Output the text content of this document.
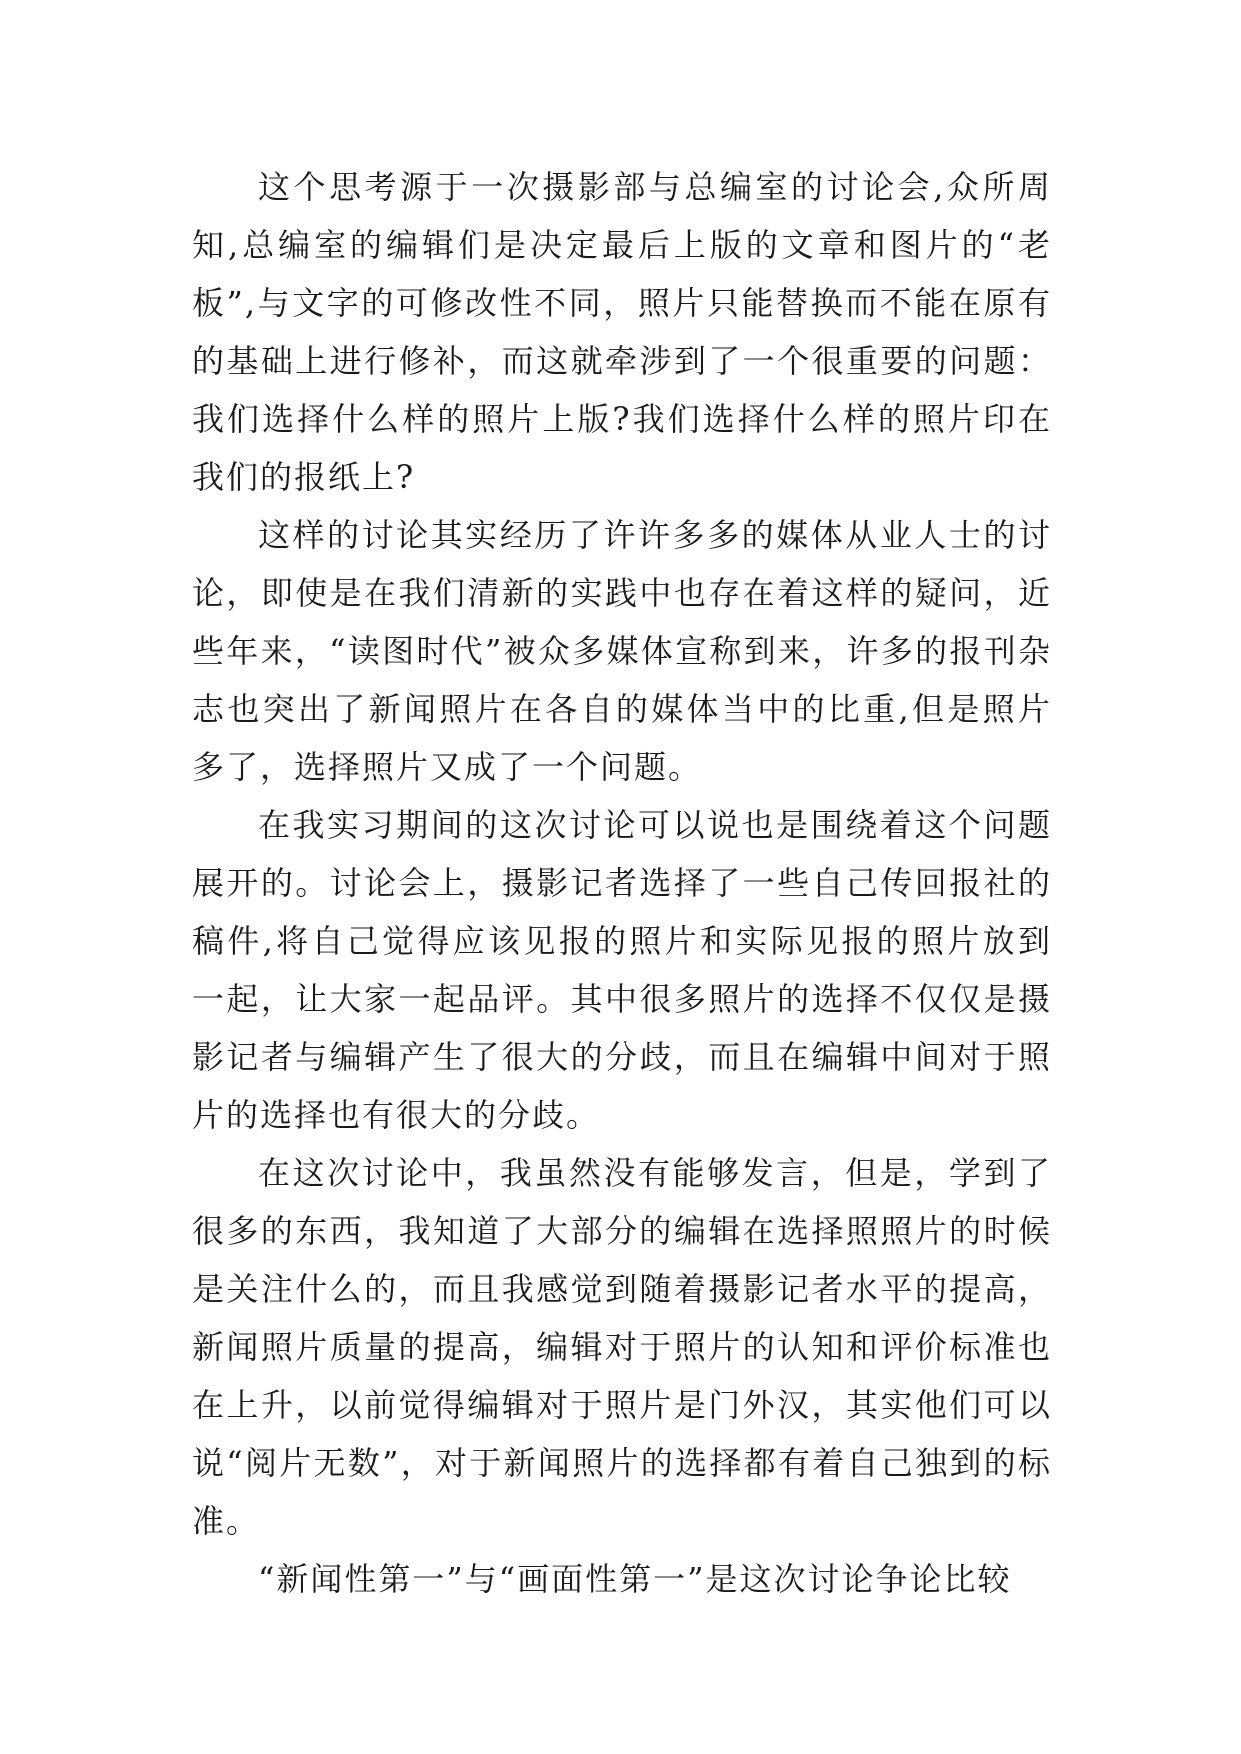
这个思考源于一次摄影部与总编室的讨论会,众所周知,总编室的编辑们是决定最后上版的文章和图片的“老板”,与文字的可修改性不同，照片只能替换而不能在原有的基础上进行修补，而这就牵涉到了一个很重要的问题：我们选择什么样的照片上版?我们选择什么样的照片印在我们的报纸上?

这样的讨论其实经历了许许多多的媒体从业人士的讨论，即使是在我们清新的实践中也存在着这样的疑问，近些年来，“读图时代”被众多媒体宣称到来，许多的报刊杂志也突出了新闻照片在各自的媒体当中的比重,但是照片多了，选择照片又成了一个问题。

在我实习期间的这次讨论可以说也是围绕着这个问题展开的。讨论会上，摄影记者选择了一些自己传回报社的稿件,将自己觉得应该见报的照片和实际见报的照片放到一起，让大家一起品评。其中很多照片的选择不仅仅是摄影记者与编辑产生了很大的分歧，而且在编辑中间对于照片的选择也有很大的分歧。

在这次讨论中，我虽然没有能够发言，但是，学到了很多的东西，我知道了大部分的编辑在选择照照片的时候是关注什么的，而且我感觉到随着摄影记者水平的提高，新闻照片质量的提高，编辑对于照片的认知和评价标准也在上升，以前觉得编辑对于照片是门外汉，其实他们可以说“阅片无数”，对于新闻照片的选择都有着自己独到的标准。

“新闻性第一”与“画面性第一”是这次讨论争论比较
